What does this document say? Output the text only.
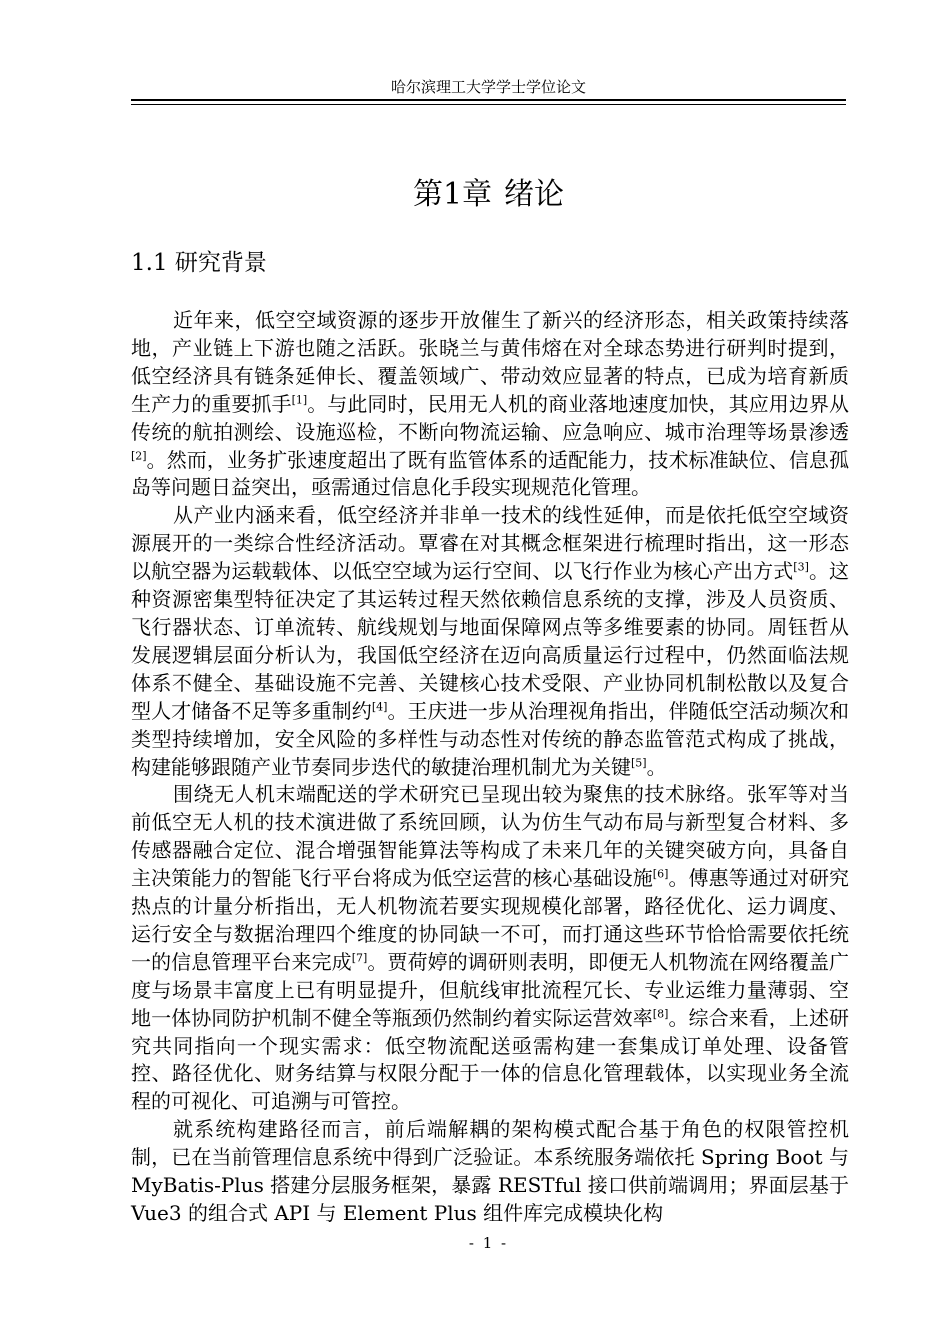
哈尔滨理工大学学士学位论文
第1章 绪论
1.1 研究背景

近年来，低空空域资源的逐步开放催生了新兴的经济形态，相关政策持续落地，产业链上下游也随之活跃。张晓兰与黄伟熔在对全球态势进行研判时提到，低空经济具有链条延伸长、覆盖领域广、带动效应显著的特点，已成为培育新质生产力的重要抓手[1]。与此同时，民用无人机的商业落地速度加快，其应用边界从传统的航拍测绘、设施巡检，不断向物流运输、应急响应、城市治理等场景渗透[2]。然而，业务扩张速度超出了既有监管体系的适配能力，技术标准缺位、信息孤岛等问题日益突出，亟需通过信息化手段实现规范化管理。

从产业内涵来看，低空经济并非单一技术的线性延伸，而是依托低空空域资源展开的一类综合性经济活动。覃睿在对其概念框架进行梳理时指出，这一形态以航空器为运载载体、以低空空域为运行空间、以飞行作业为核心产出方式[3]。这种资源密集型特征决定了其运转过程天然依赖信息系统的支撑，涉及人员资质、飞行器状态、订单流转、航线规划与地面保障网点等多维要素的协同。周钰哲从发展逻辑层面分析认为，我国低空经济在迈向高质量运行过程中，仍然面临法规体系不健全、基础设施不完善、关键核心技术受限、产业协同机制松散以及复合型人才储备不足等多重制约[4]。王庆进一步从治理视角指出，伴随低空活动频次和类型持续增加，安全风险的多样性与动态性对传统的静态监管范式构成了挑战，构建能够跟随产业节奏同步迭代的敏捷治理机制尤为关键[5]。

围绕无人机末端配送的学术研究已呈现出较为聚焦的技术脉络。张军等对当前低空无人机的技术演进做了系统回顾，认为仿生气动布局与新型复合材料、多传感器融合定位、混合增强智能算法等构成了未来几年的关键突破方向，具备自主决策能力的智能飞行平台将成为低空运营的核心基础设施[6]。傅惠等通过对研究热点的计量分析指出，无人机物流若要实现规模化部署，路径优化、运力调度、运行安全与数据治理四个维度的协同缺一不可，而打通这些环节恰恰需要依托统一的信息管理平台来完成[7]。贾荷婷的调研则表明，即便无人机物流在网络覆盖广度与场景丰富度上已有明显提升，但航线审批流程冗长、专业运维力量薄弱、空地一体协同防护机制不健全等瓶颈仍然制约着实际运营效率[8]。综合来看，上述研究共同指向一个现实需求：低空物流配送亟需构建一套集成订单处理、设备管控、路径优化、财务结算与权限分配于一体的信息化管理载体，以实现业务全流程的可视化、可追溯与可管控。

就系统构建路径而言，前后端解耦的架构模式配合基于角色的权限管控机制，已在当前管理信息系统中得到广泛验证。本系统服务端依托 Spring Boot 与 MyBatis-Plus 搭建分层服务框架，暴露 RESTful 接口供前端调用；界面层基于 Vue3 的组合式 API 与 Element Plus 组件库完成模块化构

- 1 -
